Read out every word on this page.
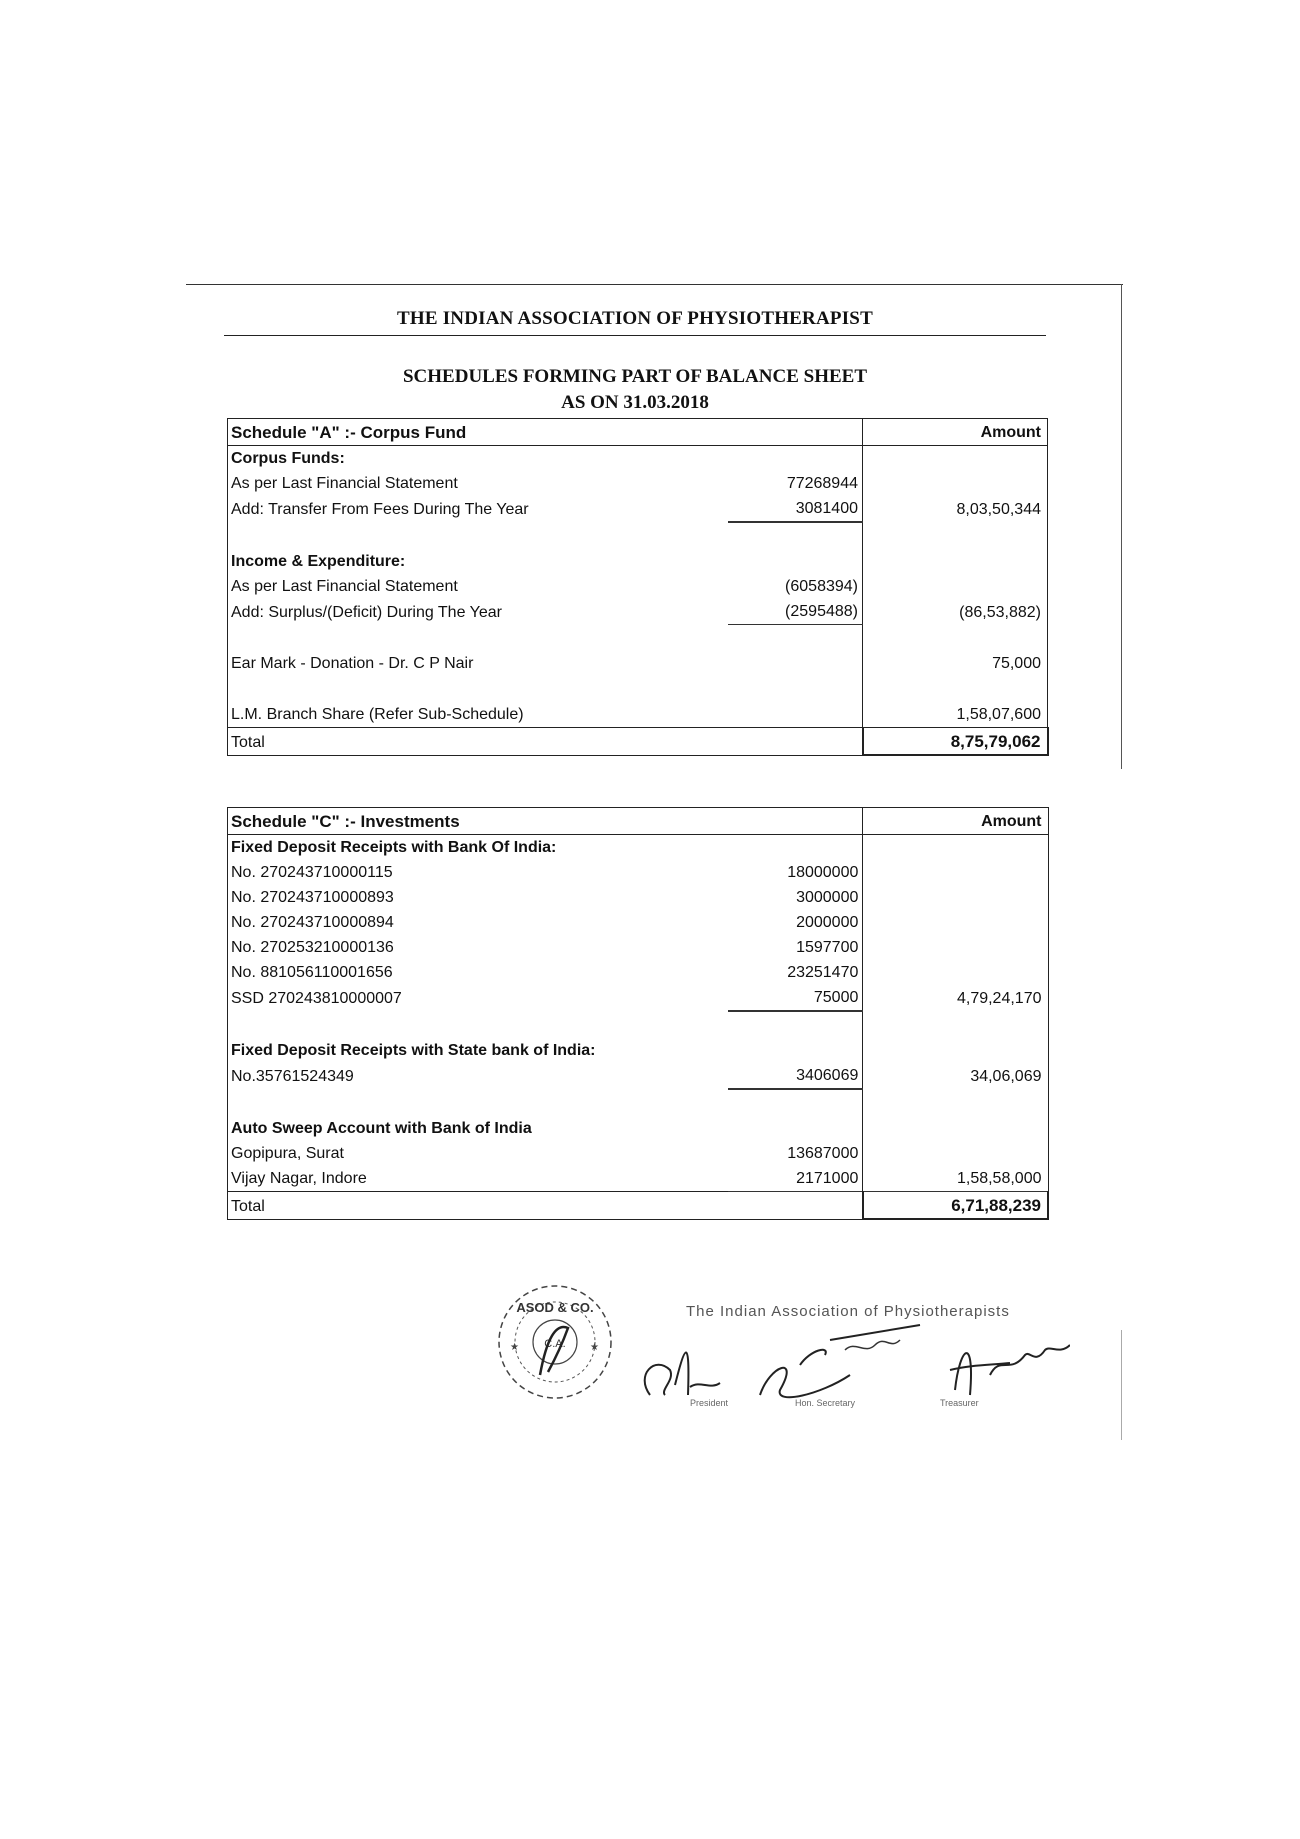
THE INDIAN ASSOCIATION OF PHYSIOTHERAPIST
SCHEDULES FORMING PART OF BALANCE SHEET
AS ON 31.03.2018
Schedule "A" :- Corpus Fund		Amount
Corpus Funds:		
As per Last Financial Statement	77268944	
Add: Transfer From Fees During The Year	3081400	8,03,50,344

Income & Expenditure:		
As per Last Financial Statement	(6058394)	
Add: Surplus/(Deficit) During The Year	(2595488)	(86,53,882)

Ear Mark - Donation - Dr. C P Nair		75,000

L.M. Branch Share (Refer Sub-Schedule)		1,58,07,600
Total		8,75,79,062
Schedule "C" :- Investments		Amount
Fixed Deposit Receipts with Bank Of India:		
No. 270243710000115	18000000	
No. 270243710000893	3000000	
No. 270243710000894	2000000	
No. 270253210000136	1597700	
No. 881056110001656	23251470	
SSD 270243810000007	75000	4,79,24,170

Fixed Deposit Receipts with State bank of India:		
No.35761524349	3406069	34,06,069

Auto Sweep Account with Bank of India		
Gopipura, Surat	13687000	
Vijay Nagar, Indore	2171000	1,58,58,000
Total		6,71,88,239
ASOD & CO.
C.A.
★	★
The Indian Association of Physiotherapists
President	Hon. Secretary	Treasurer
